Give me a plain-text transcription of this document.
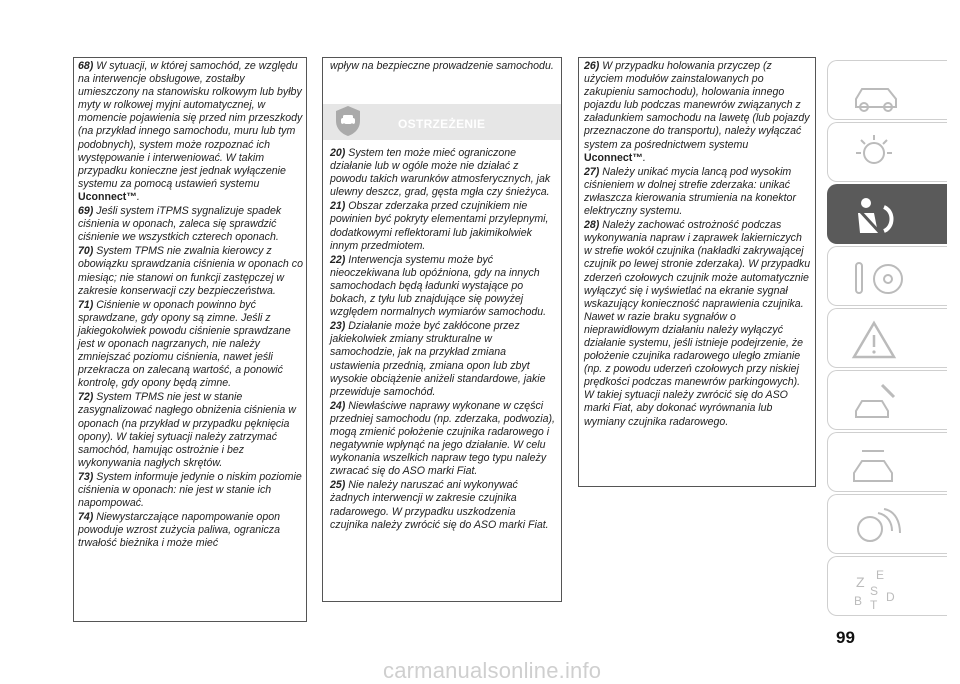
68) W sytuacji, w której samochód, ze względu na interwencje obsługowe, zostałby umieszczony na stanowisku rolkowym lub byłby myty w rolkowej myjni automatycznej, w momencie pojawienia się przed nim przeszkody (na przykład innego samochodu, muru lub tym podobnych), system może rozpoznać ich występowanie i interweniować. W takim przypadku konieczne jest jednak wyłączenie systemu za pomocą ustawień systemu Uconnect™.

69) Jeśli system iTPMS sygnalizuje spadek ciśnienia w oponach, zaleca się sprawdzić ciśnienie we wszystkich czterech oponach.

70) System TPMS nie zwalnia kierowcy z obowiązku sprawdzania ciśnienia w oponach co miesiąc; nie stanowi on funkcji zastępczej w zakresie konserwacji czy bezpieczeństwa.

71) Ciśnienie w oponach powinno być sprawdzane, gdy opony są zimne. Jeśli z jakiegokolwiek powodu ciśnienie sprawdzane jest w oponach nagrzanych, nie należy zmniejszać poziomu ciśnienia, nawet jeśli przekracza on zalecaną wartość, a ponowić kontrolę, gdy opony będą zimne.

72) System TPMS nie jest w stanie zasygnalizować nagłego obniżenia ciśnienia w oponach (na przykład w przypadku pęknięcia opony). W takiej sytuacji należy zatrzymać samochód, hamując ostrożnie i bez wykonywania nagłych skrętów.

73) System informuje jedynie o niskim poziomie ciśnienia w oponach: nie jest w stanie ich napompować.

74) Niewystarczające napompowanie opon powoduje wzrost zużycia paliwa, ogranicza trwałość bieżnika i może mieć

wpływ na bezpieczne prowadzenie samochodu.
OSTRZEŻENIE

20) System ten może mieć ograniczone działanie lub w ogóle może nie działać z powodu takich warunków atmosferycznych, jak ulewny deszcz, grad, gęsta mgła czy śnieżyca.

21) Obszar zderzaka przed czujnikiem nie powinien być pokryty elementami przylepnymi, dodatkowymi reflektorami lub jakimikolwiek innym przedmiotem.

22) Interwencja systemu może być nieoczekiwana lub opóźniona, gdy na innych samochodach będą ładunki wystające po bokach, z tyłu lub znajdujące się powyżej względem normalnych wymiarów samochodu.

23) Działanie może być zakłócone przez jakiekolwiek zmiany strukturalne w samochodzie, jak na przykład zmiana ustawienia przednią, zmiana opon lub zbyt wysokie obciążenie aniżeli standardowe, jakie przewiduje samochód.

24) Niewłaściwe naprawy wykonane w części przedniej samochodu (np. zderzaka, podwozia), mogą zmienić położenie czujnika radarowego i negatywnie wpłynąć na jego działanie. W celu wykonania wszelkich napraw tego typu należy zwracać się do ASO marki Fiat.

25) Nie należy naruszać ani wykonywać żadnych interwencji w zakresie czujnika radarowego. W przypadku uszkodzenia czujnika należy zwrócić się do ASO marki Fiat.

26) W przypadku holowania przyczep (z użyciem modułów zainstalowanych po zakupieniu samochodu), holowania innego pojazdu lub podczas manewrów związanych z załadunkiem samochodu na lawetę (lub pojazdy przeznaczone do transportu), należy wyłączać system za pośrednictwem systemu Uconnect™.

27) Należy unikać mycia lancą pod wysokim ciśnieniem w dolnej strefie zderzaka: unikać zwłaszcza kierowania strumienia na konektor elektryczny systemu.

28) Należy zachować ostrożność podczas wykonywania napraw i zaprawek lakierniczych w strefie wokół czujnika (nakładki zakrywającej czujnik po lewej stronie zderzaka). W przypadku zderzeń czołowych czujnik może automatycznie wyłączyć się i wyświetlać na ekranie sygnał wskazujący konieczność naprawienia czujnika. Nawet w razie braku sygnałów o nieprawidłowym działaniu należy wyłączyć działanie systemu, jeśli istnieje podejrzenie, że położenie czujnika radarowego uległo zmianie (np. z powodu uderzeń czołowych przy niskiej prędkości podczas manewrów parkingowych). W takiej sytuacji należy zwrócić się do ASO marki Fiat, aby dokonać wyrównania lub wymiany czujnika radarowego.

Z E
B T
D
S
99
carmanualsonline.info
